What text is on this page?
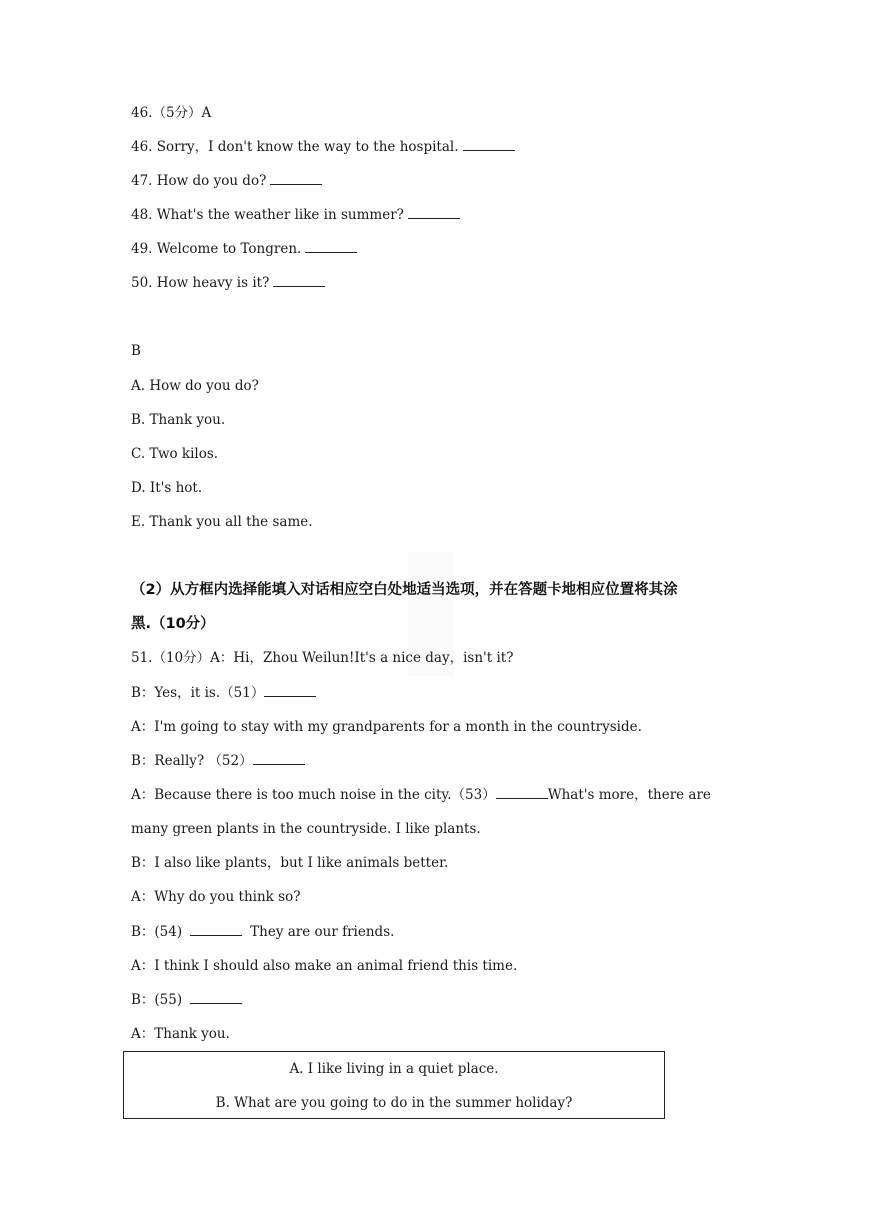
46.（5分）A
46. Sorry，I don't know the way to the hospital.
47. How do you do?
48. What's the weather like in summer?
49. Welcome to Tongren.
50. How heavy is it?
B
A. How do you do?
B. Thank you.
C. Two kilos.
D. It's hot.
E. Thank you all the same.
（2）从方框内选择能填入对话相应空白处地适当选项，并在答题卡地相应位置将其涂
黑.（10分）
51.（10分）A：Hi，Zhou Weilun!It's a nice day，isn't it?
B：Yes，it is.（51）
A：I'm going to stay with my grandparents for a month in the countryside.
B：Really? （52）
A：Because there is too much noise in the city.（53）	What's more，there are
many green plants in the countryside. I like plants.
B：I also like plants，but I like animals better.
A：Why do you think so?
B：(54)	They are our friends.
A：I think I should also make an animal friend this time.
B：(55)
A：Thank you.
A. I like living in a quiet place.
B. What are you going to do in the summer holiday?
